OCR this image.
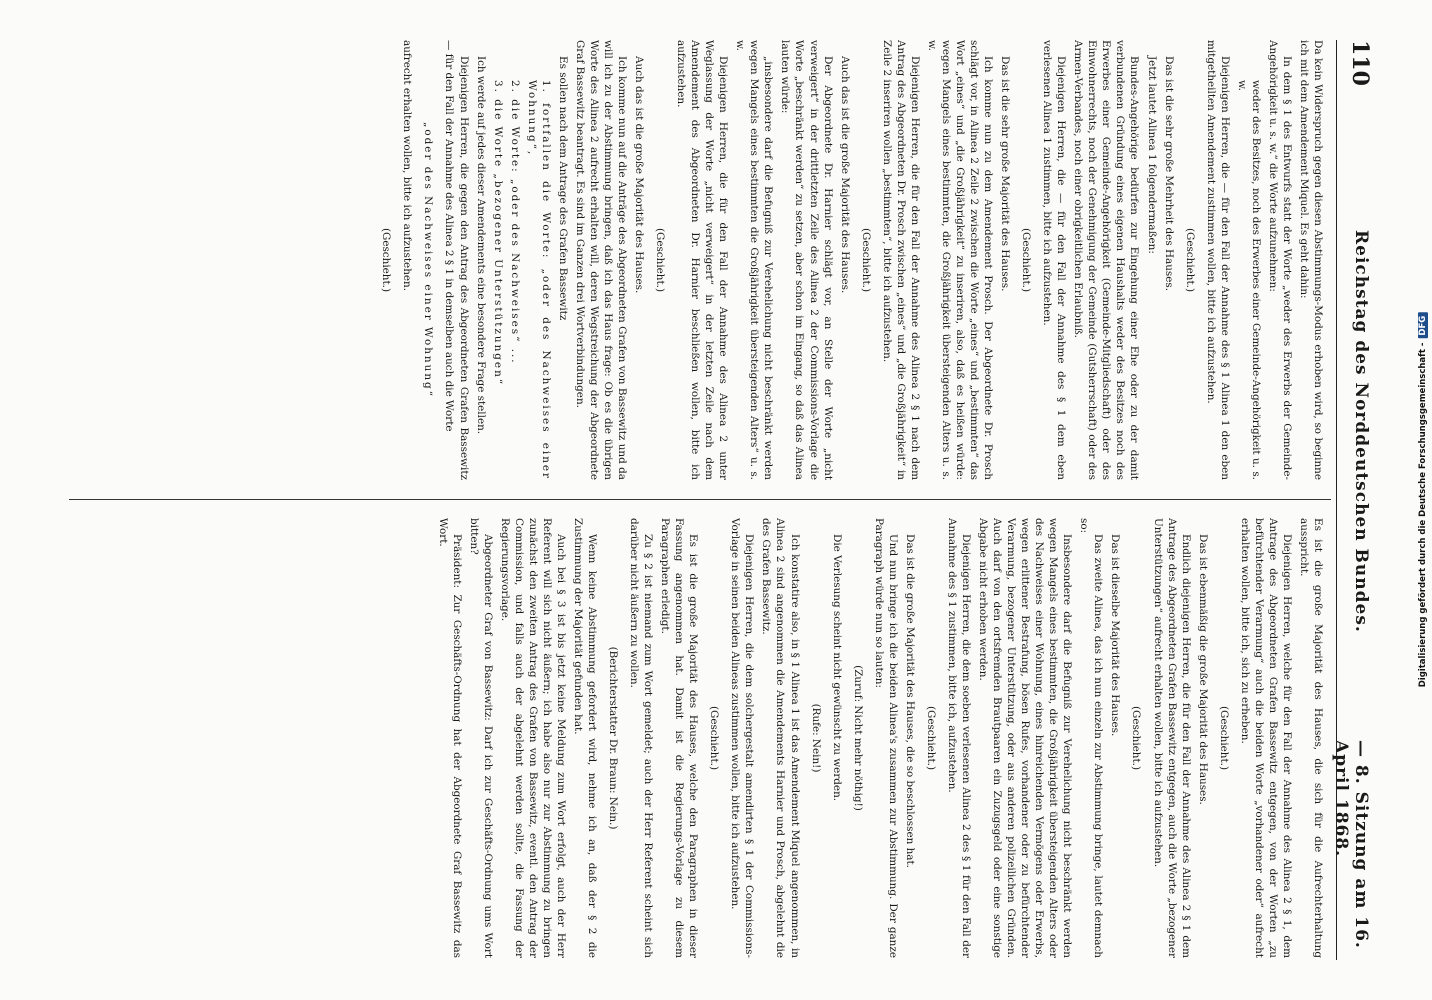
110
Reichstag des Norddeutschen Bundes.
— 8. Sitzung am 16. April 1868.

Da kein Widerspruch gegen diesen Abstimmungs-Modus erhoben wird, so beginne ich mit dem Amendement Miquel. Es geht dahin:

In dem § 1 des Entwurfs statt der Worte „weder des Erwerbs der Gemeinde-Angehörigkeit u. s. w.“ die Worte aufzunehmen:

weder des Besitzes, noch des Erwerbes einer Gemeinde-Angehörigkeit u. s. w.

Diejenigen Herren, die — für den Fall der Annahme des § 1 Alinea 1 den eben mitgetheilten Amendement zustimmen wollen, bitte ich aufzustehen.

(Geschieht.)

Das ist die sehr große Mehrheit des Hauses.

Jetzt lautet Alinea 1 folgendermaßen:

Bundes-Angehörige bedürfen zur Eingehung einer Ehe oder zu der damit verbundenen Gründung eines eigenen Haushalts weder des Besitzes noch des Erwerbes einer Gemeinde-Angehörigkeit (Gemeinde-Mitgliedschaft) oder des Einwohnerrechts, noch der Genehmigung der Gemeinde (Gutsherrschaft) oder des Armen-Verbandes, noch einer obrigkeitlichen Erlaubniß.

Diejenigen Herren, die — für den Fall der Annahme des § 1 dem eben verlesenen Alinea 1 zustimmen, bitte ich aufzustehen.

(Geschieht.)

Das ist die sehr große Majorität des Hauses.

Ich komme nun zu dem Amendement Prosch. Der Abgeordnete Dr. Prosch schlägt vor, in Alinea 2 Zeile 2 zwischen die Worte „eines“ und „bestimmten“ das Wort „eines“ und „die Großjährigkeit“ zu inseriren, also, daß es heißen würde: wegen Mangels eines bestimmten, die Großjährigkeit übersteigenden Alters u. s. w.

Diejenigen Herren, die für den Fall der Annahme des Alinea 2 § 1 nach dem Antrag des Abgeordneten Dr. Prosch zwischen „eines“ und „die Großjährigkeit“ in Zeile 2 inseriren wollen „bestimmten“, bitte ich aufzustehen.

(Geschieht.)

Auch das ist die große Majorität des Hauses.

Der Abgeordnete Dr. Harnier schlägt vor, an Stelle der Worte „nicht verweigert“ in der drittletzten Zeile des Alinea 2 der Commissions-Vorlage die Worte „beschränkt werden“ zu setzen, aber schon im Eingang, so daß das Alinea lauten würde:

„insbesondere darf die Befugniß zur Verehelichung nicht beschränkt werden wegen Mangels eines bestimmten die Großjährigkeit übersteigenden Alters“ u. s. w.

Diejenigen Herren, die für den Fall der Annahme des Alinea 2 unter Weglassung der Worte „nicht verweigert“ in der letzten Zeile nach dem Amendement des Abgeordneten Dr. Harnier beschließen wollen, bitte ich aufzustehen.

(Geschieht.)

Auch das ist die große Majorität des Hauses.

Ich komme nun auf die Anträge des Abgeordneten Grafen von Bassewitz und da will ich zu der Abstimmung bringen, daß ich das Haus frage: Ob es die übrigen Worte des Alinea 2 aufrecht erhalten will, deren Wegstreichung der Abgeordnete Graf Bassewitz beantragt. Es sind im Ganzen drei Wortverbindungen.

Es sollen nach dem Antrage des Grafen Bassewitz

1. fortfallen die Worte: „oder des Nachweises einer Wohnung“,

2. die Worte: „oder des Nachweises“ ...

3. die Worte „bezogener Unterstützungen“

Ich werde auf jedes dieser Amendements eine besondere Frage stellen.

Diejenigen Herren, die gegen den Antrag des Abgeordneten Grafen Bassewitz — für den Fall der Annahme des Alinea 2 § 1 in demselben auch die Worte

„oder des Nachweises einer Wohnung“

aufrecht erhalten wollen, bitte ich aufzustehen.

(Geschieht.)

Es ist die große Majorität des Hauses, die sich für die Aufrechterhaltung ausspricht.

Diejenigen Herren, welche für den Fall der Annahme des Alinea 2 § 1, dem Antrage des Abgeordneten Grafen Bassewitz entgegen, von der Worten „zu befürchtender Verarmung“ auch die beiden Worte „vorhandener oder“ aufrecht erhalten wollen, bitte ich, sich zu erheben.

(Geschieht.)

Das ist ebenmäßig die große Majorität des Hauses.

Endlich diejenigen Herren, die für den Fall der Annahme des Alinea 2 § 1 dem Antrage des Abgeordneten Grafen Bassewitz entgegen, auch die Worte „bezogener Unterstützungen“ aufrecht erhalten wollen, bitte ich aufzustehen.

(Geschieht.)

Das ist dieselbe Majorität des Hauses.

Das zweite Alinea, das ich nun einzeln zur Abstimmung bringe, lautet demnach so:

Insbesondere darf die Befugniß zur Verehelichung nicht beschränkt werden wegen Mangels eines bestimmten, die Großjährigkeit übersteigenden Alters oder des Nachweises einer Wohnung, eines hinreichenden Vermögens oder Erwerbs, wegen erlittener Bestrafung, bösen Rufes, vorhandener oder zu befürchtender Verarmung, bezogener Unterstützung, oder aus anderen polizeilichen Gründen. Auch darf von den ortsfremden Brautpaaren ein Zuzugsgeld oder eine sonstige Abgabe nicht erhoben werden.

Diejenigen Herren, die dem soeben verlesenen Alinea 2 des § 1 für den Fall der Annahme des § 1 zustimmen, bitte ich, aufzustehen.

(Geschieht.)

Das ist die große Majorität des Hauses, die so beschlossen hat.

Und nun bringe ich die beiden Alinea's zusammen zur Abstimmung. Der ganze Paragraph würde nun so lauten:

(Zuruf: Nicht mehr nöthig!)

Die Verlesung scheint nicht gewünscht zu werden.

(Rufe: Nein!)

Ich konstatire also, in § 1 Alinea 1 ist das Amendement Miquel angenommen, in Alinea 2 sind angenommen die Amendements Harnier und Prosch, abgelehnt die des Grafen Bassewitz.

Diejenigen Herren, die dem solchergestalt amendirten § 1 der Commissions-Vorlage in seinen beiden Alineas zustimmen wollen, bitte ich aufzustehen.

(Geschieht.)

Es ist die große Majorität des Hauses, welche den Paragraphen in dieser Fassung angenommen hat. Damit ist die Regierungs-Vorlage zu diesem Paragraphen erledigt.

Zu § 2 ist niemand zum Wort gemeldet; auch der Herr Referent scheint sich darüber nicht äußern zu wollen.

(Berichterstatter Dr. Braun: Nein.)

Wenn keine Abstimmung gefordert wird, nehme ich an, daß der § 2 die Zustimmung der Majorität gefunden hat.

Auch bei § 3 ist bis jetzt keine Meldung zum Wort erfolgt, auch der Herr Referent will sich nicht äußern; ich habe also nur zur Abstimmung zu bringen zunächst den zweiten Antrag des Grafen von Bassewitz, eventl. den Antrag der Commission, und falls auch der abgelehnt werden sollte, die Fassung der Regierungsvorlage.

Abgeordneter Graf von Bassewitz: Darf ich zur Geschäfts-Ordnung ums Wort bitten?

Präsident: Zur Geschäfts-Ordnung hat der Abgeordnete Graf Bassewitz das Wort.	Digitalisierung gefördert durch die Deutsche Forschungsgemeinschaft -DFG
